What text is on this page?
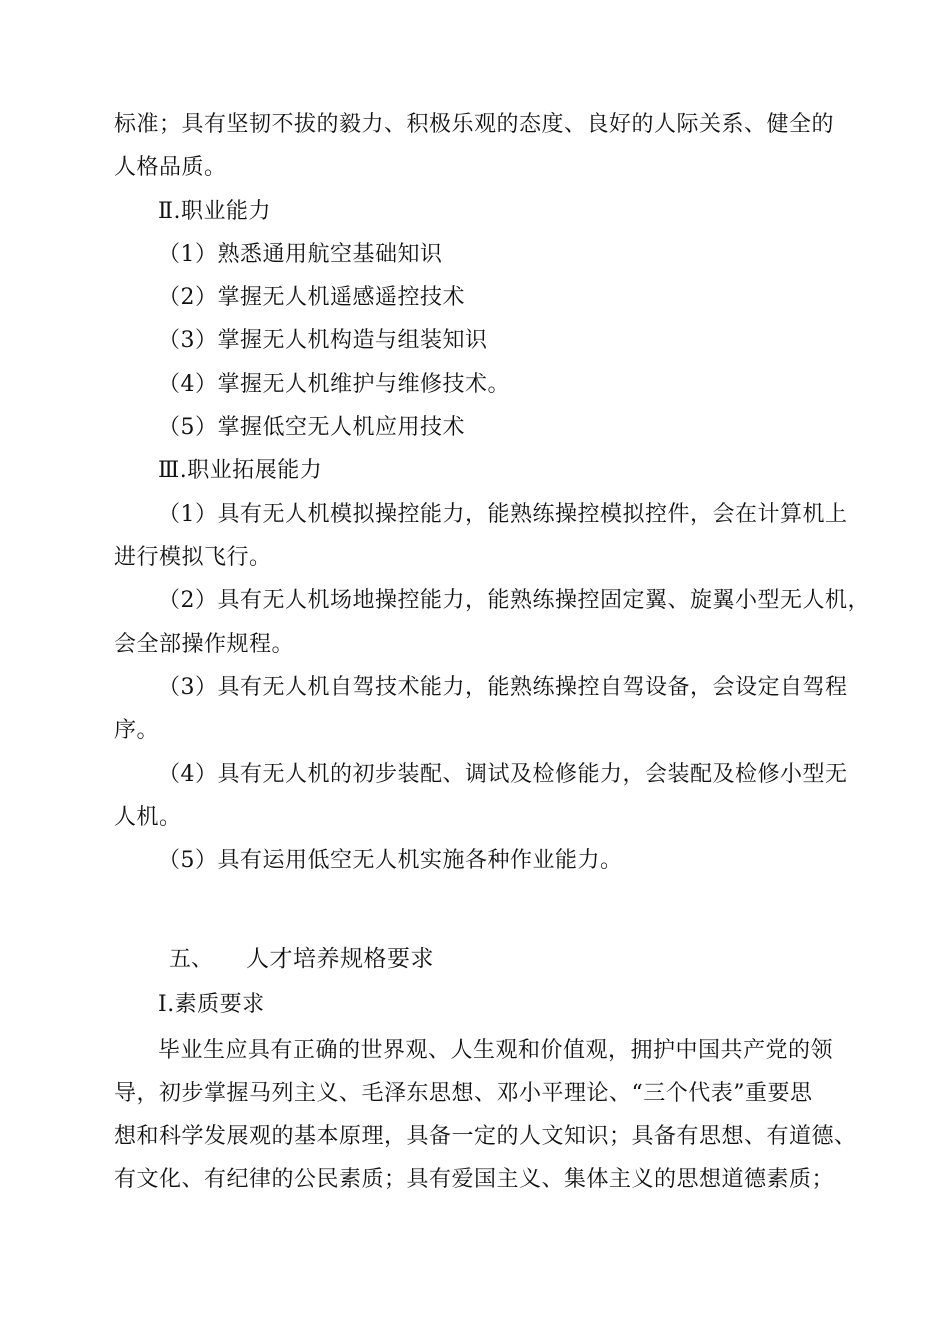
标准；具有坚韧不拔的毅力、积极乐观的态度、良好的人际关系、健全的
人格品质。
Ⅱ.职业能力
（1）熟悉通用航空基础知识
（2）掌握无人机遥感遥控技术
（3）掌握无人机构造与组装知识
（4）掌握无人机维护与维修技术。
（5）掌握低空无人机应用技术
Ⅲ.职业拓展能力
（1）具有无人机模拟操控能力，能熟练操控模拟控件，会在计算机上
进行模拟飞行。
（2）具有无人机场地操控能力，能熟练操控固定翼、旋翼小型无人机，
会全部操作规程。
（3）具有无人机自驾技术能力，能熟练操控自驾设备，会设定自驾程
序。
（4）具有无人机的初步装配、调试及检修能力，会装配及检修小型无
人机。
（5）具有运用低空无人机实施各种作业能力。
五、 人才培养规格要求
Ⅰ.素质要求
毕业生应具有正确的世界观、人生观和价值观，拥护中国共产党的领
导，初步掌握马列主义、毛泽东思想、邓小平理论、“三个代表”重要思
想和科学发展观的基本原理，具备一定的人文知识；具备有思想、有道德、
有文化、有纪律的公民素质；具有爱国主义、集体主义的思想道德素质；
